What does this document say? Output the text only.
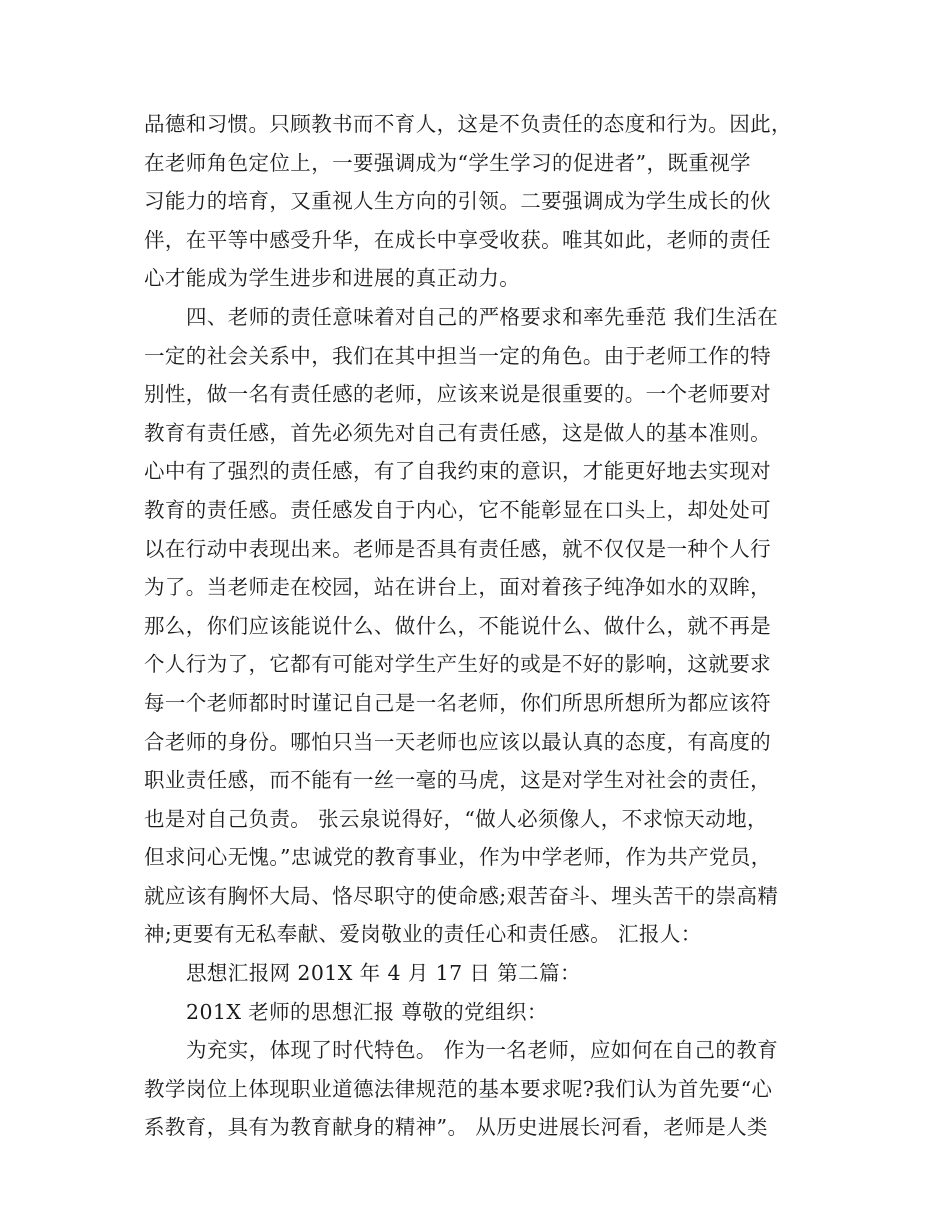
品德和习惯。只顾教书而不育人，这是不负责任的态度和行为。因此，
在老师角色定位上，一要强调成为“学生学习的促进者”，既重视学
习能力的培育，又重视人生方向的引领。二要强调成为学生成长的伙
伴，在平等中感受升华，在成长中享受收获。唯其如此，老师的责任
心才能成为学生进步和进展的真正动力。
四、老师的责任意味着对自己的严格要求和率先垂范 我们生活在
一定的社会关系中，我们在其中担当一定的角色。由于老师工作的特
别性，做一名有责任感的老师，应该来说是很重要的。一个老师要对
教育有责任感，首先必须先对自己有责任感，这是做人的基本准则。
心中有了强烈的责任感，有了自我约束的意识，才能更好地去实现对
教育的责任感。责任感发自于内心，它不能彰显在口头上，却处处可
以在行动中表现出来。老师是否具有责任感，就不仅仅是一种个人行
为了。当老师走在校园，站在讲台上，面对着孩子纯净如水的双眸，
那么，你们应该能说什么、做什么，不能说什么、做什么，就不再是
个人行为了，它都有可能对学生产生好的或是不好的影响，这就要求
每一个老师都时时谨记自己是一名老师，你们所思所想所为都应该符
合老师的身份。哪怕只当一天老师也应该以最认真的态度，有高度的
职业责任感，而不能有一丝一毫的马虎，这是对学生对社会的责任，
也是对自己负责。 张云泉说得好，“做人必须像人，不求惊天动地，
但求问心无愧。”忠诚党的教育事业，作为中学老师，作为共产党员，
就应该有胸怀大局、恪尽职守的使命感;艰苦奋斗、埋头苦干的崇高精
神;更要有无私奉献、爱岗敬业的责任心和责任感。 汇报人：
思想汇报网 201X 年 4 月 17 日 第二篇：
201X 老师的思想汇报 尊敬的党组织：
为充实，体现了时代特色。 作为一名老师，应如何在自己的教育
教学岗位上体现职业道德法律规范的基本要求呢?我们认为首先要“心
系教育，具有为教育献身的精神”。 从历史进展长河看，老师是人类
